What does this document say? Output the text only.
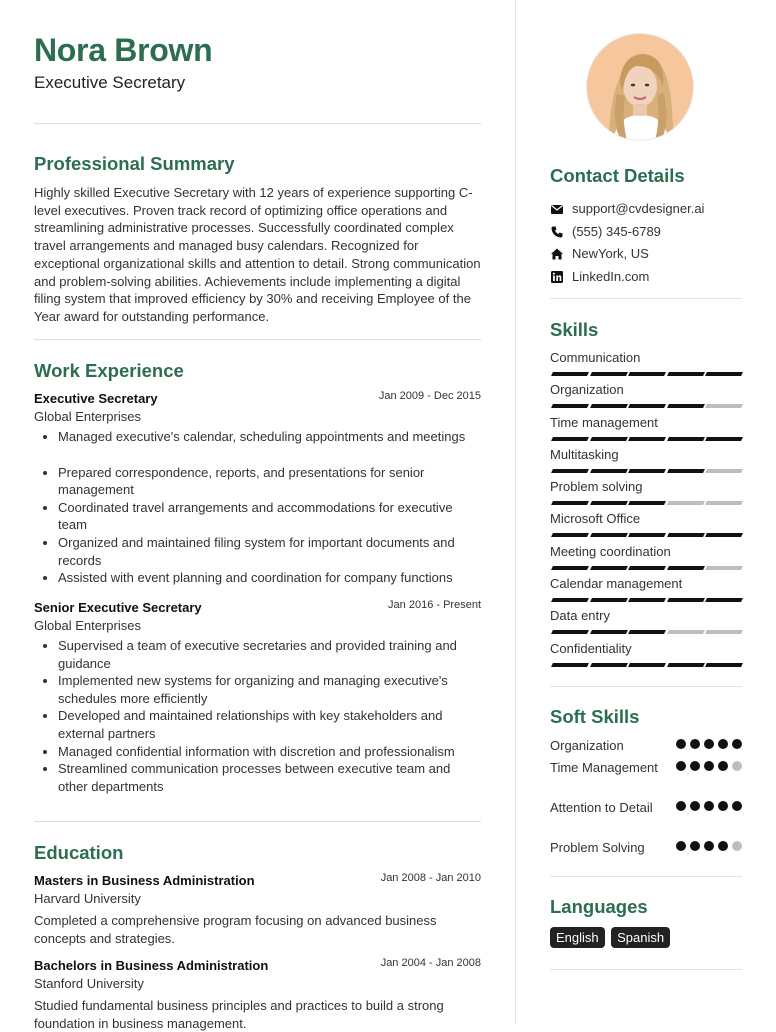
Nora Brown
Executive Secretary
Professional Summary
Highly skilled Executive Secretary with 12 years of experience supporting C-level executives. Proven track record of optimizing office operations and streamlining administrative processes. Successfully coordinated complex travel arrangements and managed busy calendars. Recognized for exceptional organizational skills and attention to detail. Strong communication and problem-solving abilities. Achievements include implementing a digital filing system that improved efficiency by 30% and receiving Employee of the Year award for outstanding performance.
Work Experience
Executive Secretary	Jan 2009 - Dec 2015
Global Enterprises
• Managed executive's calendar, scheduling appointments and meetings
• Prepared correspondence, reports, and presentations for senior management
• Coordinated travel arrangements and accommodations for executive team
• Organized and maintained filing system for important documents and records
• Assisted with event planning and coordination for company functions
Senior Executive Secretary	Jan 2016 - Present
Global Enterprises
• Supervised a team of executive secretaries and provided training and guidance
• Implemented new systems for organizing and managing executive's schedules more efficiently
• Developed and maintained relationships with key stakeholders and external partners
• Managed confidential information with discretion and professionalism
• Streamlined communication processes between executive team and other departments
Education
Masters in Business Administration	Jan 2008 - Jan 2010
Harvard University
Completed a comprehensive program focusing on advanced business concepts and strategies.
Bachelors in Business Administration	Jan 2004 - Jan 2008
Stanford University
Studied fundamental business principles and practices to build a strong foundation in business management.
Contact Details
support@cvdesigner.ai
(555) 345-6789
NewYork, US
LinkedIn.com
Skills
Communication
Organization
Time management
Multitasking
Problem solving
Microsoft Office
Meeting coordination
Calendar management
Data entry
Confidentiality
Soft Skills
Organization
Time Management
Attention to Detail
Problem Solving
Languages
English Spanish
